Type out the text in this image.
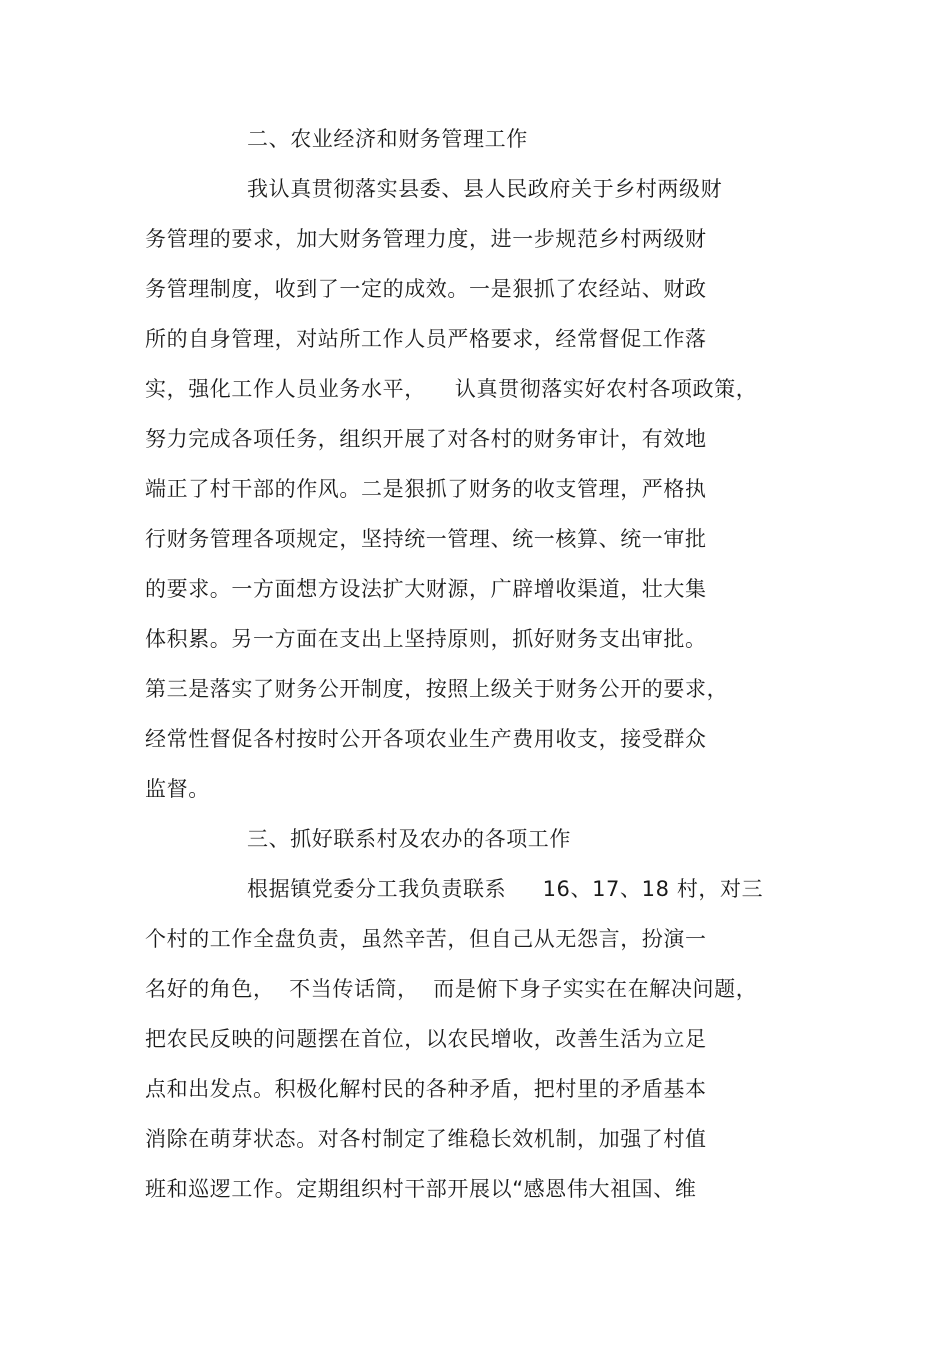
二、农业经济和财务管理工作
我认真贯彻落实县委、县人民政府关于乡村两级财
务管理的要求，加大财务管理力度，进一步规范乡村两级财
务管理制度，收到了一定的成效。一是狠抓了农经站、财政
所的自身管理，对站所工作人员严格要求，经常督促工作落
实，强化工作人员业务水平，    认真贯彻落实好农村各项政策，
努力完成各项任务，组织开展了对各村的财务审计，有效地
端正了村干部的作风。二是狠抓了财务的收支管理，严格执
行财务管理各项规定，坚持统一管理、统一核算、统一审批
的要求。一方面想方设法扩大财源，广辟增收渠道，壮大集
体积累。另一方面在支出上坚持原则，抓好财务支出审批。
第三是落实了财务公开制度，按照上级关于财务公开的要求，
经常性督促各村按时公开各项农业生产费用收支，接受群众
监督。
三、抓好联系村及农办的各项工作
根据镇党委分工我负责联系     16、17、18 村，对三
个村的工作全盘负责，虽然辛苦，但自己从无怨言，扮演一
名好的角色，  不当传话筒，  而是俯下身子实实在在解决问题，
把农民反映的问题摆在首位，以农民增收，改善生活为立足
点和出发点。积极化解村民的各种矛盾，把村里的矛盾基本
消除在萌芽状态。对各村制定了维稳长效机制，加强了村值
班和巡逻工作。定期组织村干部开展以“感恩伟大祖国、维
